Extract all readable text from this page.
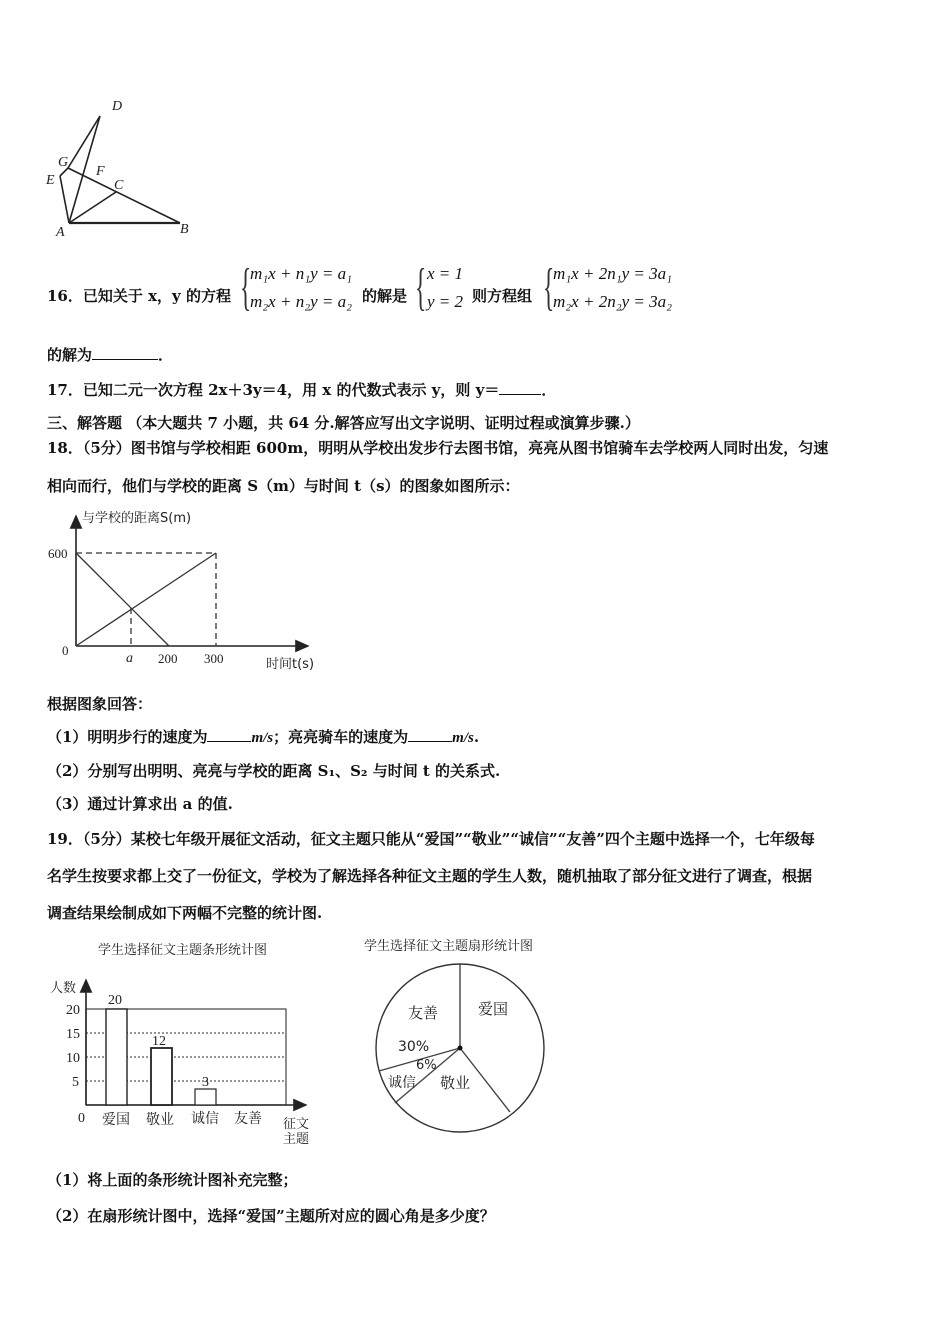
D
G
F
E	C
A	B
16．已知关于 x，y 的方程 {
m₁x + n₁y = a₁
m₂x + n₂y = a₂ 的解是 { x = 1
y = 2 则方程组 {
m₁x + 2n₁y = 3a₁
m₂x + 2n₂y = 3a₂
的解为	．
17．已知二元一次方程 2x＋3y＝4，用 x 的代数式表示 y，则 y＝	．
三、解答题 （本大题共 7 小题，共 64 分.解答应写出文字说明、证明过程或演算步骤.）
18．（5分）图书馆与学校相距 600m，明明从学校出发步行去图书馆，亮亮从图书馆骑车去学校两人同时出发，匀速
相向而行，他们与学校的距离 S（m）与时间 t（s）的图象如图所示：
与学校的距离S(m)
600
0
a 200 300	时间t(s)
根据图象回答：
（1）明明步行的速度为	m/s；亮亮骑车的速度为	m/s.
（2）分别写出明明、亮亮与学校的距离 S₁、S₂ 与时间 t 的关系式.
（3）通过计算求出 a 的值.
19．（5分）某校七年级开展征文活动，征文主题只能从“爱国”“敬业”“诚信”“友善”四个主题中选择一个，七年级每
名学生按要求都上交了一份征文，学校为了解选择各种征文主题的学生人数，随机抽取了部分征文进行了调查，根据
调查结果绘制成如下两幅不完整的统计图.
学生选择征文主题条形统计图
20
12
3
人数
20
15
10
5
0 爱国 敬业 诚信 友善 征文
主题
学生选择征文主题扇形统计图
友善	爱国
30%
6%
诚信 敬业
（1）将上面的条形统计图补充完整；
（2）在扇形统计图中，选择“爱国”主题所对应的圆心角是多少度？
